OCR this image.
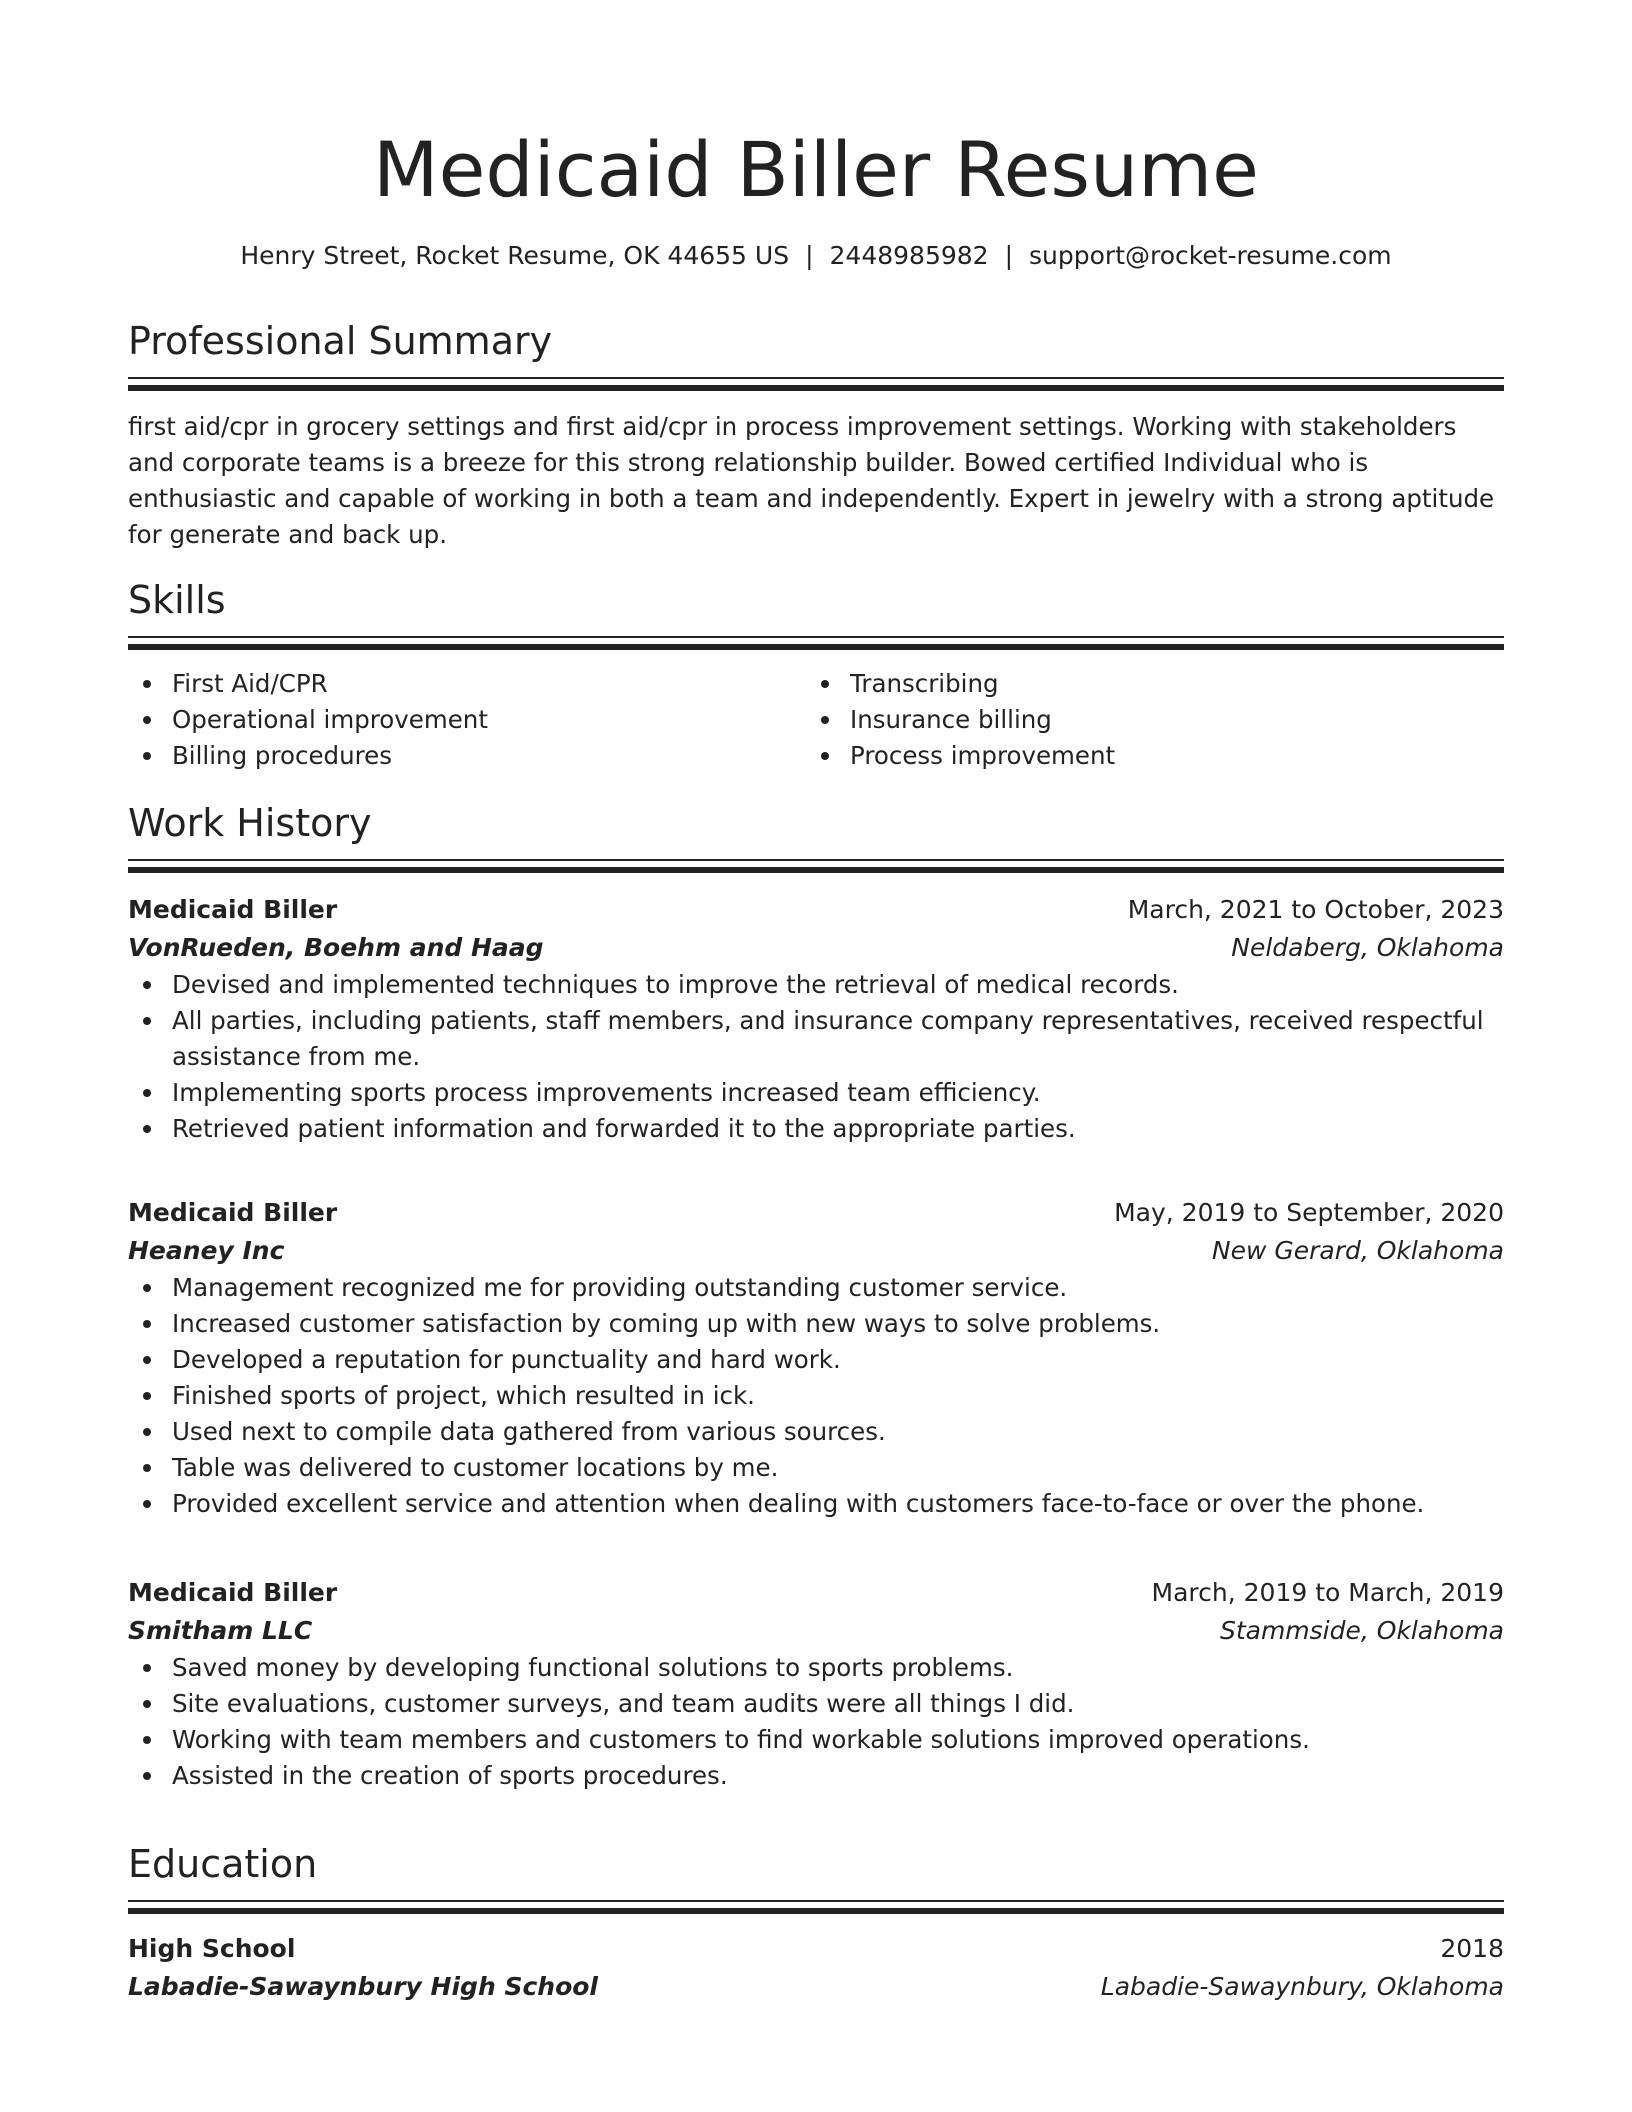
Medicaid Biller Resume
Henry Street, Rocket Resume, OK 44655 US | 2448985982 | support@rocket-resume.com
Professional Summary
first aid/cpr in grocery settings and first aid/cpr in process improvement settings. Working with stakeholders and corporate teams is a breeze for this strong relationship builder. Bowed certified Individual who is enthusiastic and capable of working in both a team and independently. Expert in jewelry with a strong aptitude for generate and back up.
Skills
First Aid/CPR
Operational improvement
Billing procedures
Transcribing
Insurance billing
Process improvement
Work History
Medicaid Biller	March, 2021 to October, 2023
VonRueden, Boehm and Haag	Neldaberg, Oklahoma
Devised and implemented techniques to improve the retrieval of medical records.
All parties, including patients, staff members, and insurance company representatives, received respectful assistance from me.
Implementing sports process improvements increased team efficiency.
Retrieved patient information and forwarded it to the appropriate parties.
Medicaid Biller	May, 2019 to September, 2020
Heaney Inc	New Gerard, Oklahoma
Management recognized me for providing outstanding customer service.
Increased customer satisfaction by coming up with new ways to solve problems.
Developed a reputation for punctuality and hard work.
Finished sports of project, which resulted in ick.
Used next to compile data gathered from various sources.
Table was delivered to customer locations by me.
Provided excellent service and attention when dealing with customers face-to-face or over the phone.
Medicaid Biller	March, 2019 to March, 2019
Smitham LLC	Stammside, Oklahoma
Saved money by developing functional solutions to sports problems.
Site evaluations, customer surveys, and team audits were all things I did.
Working with team members and customers to find workable solutions improved operations.
Assisted in the creation of sports procedures.
Education
High School	2018
Labadie-Sawaynbury High School	Labadie-Sawaynbury, Oklahoma
